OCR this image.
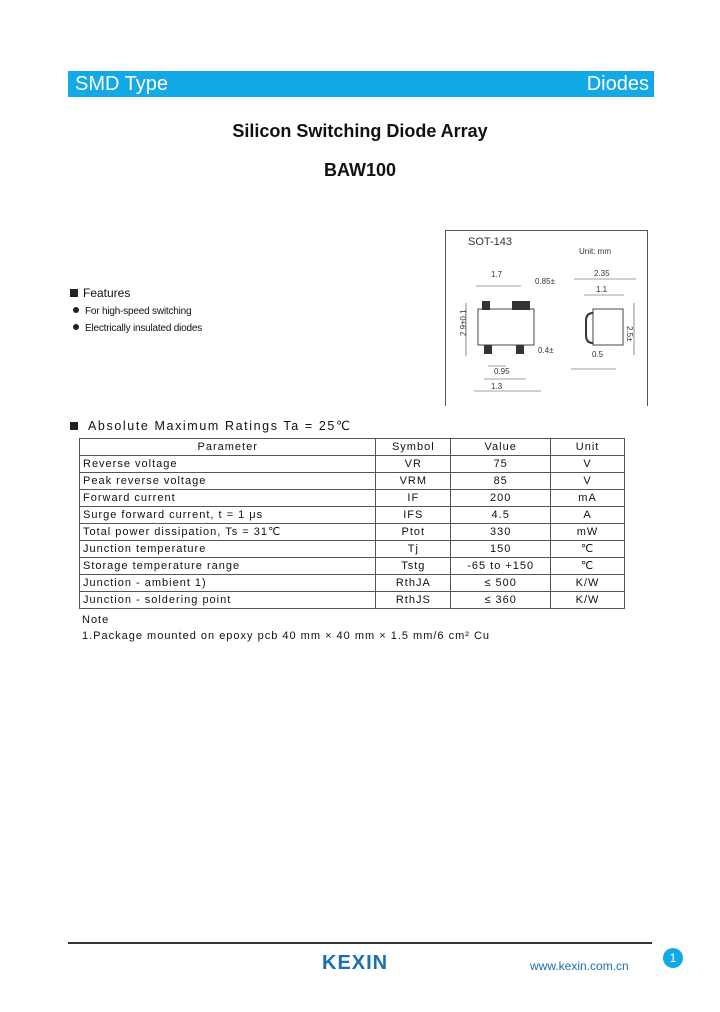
SMD Type	Diodes
Silicon Switching Diode Array
BAW100
SOT-143
Unit: mm
0.85±
1.7
2.9±0.1
0.4±
0.95
1.3
2.35
1.1
2.5±
0.5
Features
For high-speed switching
Electrically insulated diodes
Absolute Maximum Ratings Ta = 25℃
Parameter	Symbol	Value	Unit
Reverse voltage	VR	75	V
Peak reverse voltage	VRM	85	V
Forward current	IF	200	mA
Surge forward current, t = 1 μs	IFS	4.5	A
Total power dissipation, Ts = 31℃	Ptot	330	mW
Junction temperature	Tj	150	℃
Storage temperature range	Tstg	-65 to +150	℃
Junction - ambient 1)	RthJA	≤ 500	K/W
Junction - soldering point	RthJS	≤ 360	K/W
Note
1.Package mounted on epoxy pcb 40 mm × 40 mm × 1.5 mm/6 cm² Cu
KEXIN	www.kexin.com.cn
1
